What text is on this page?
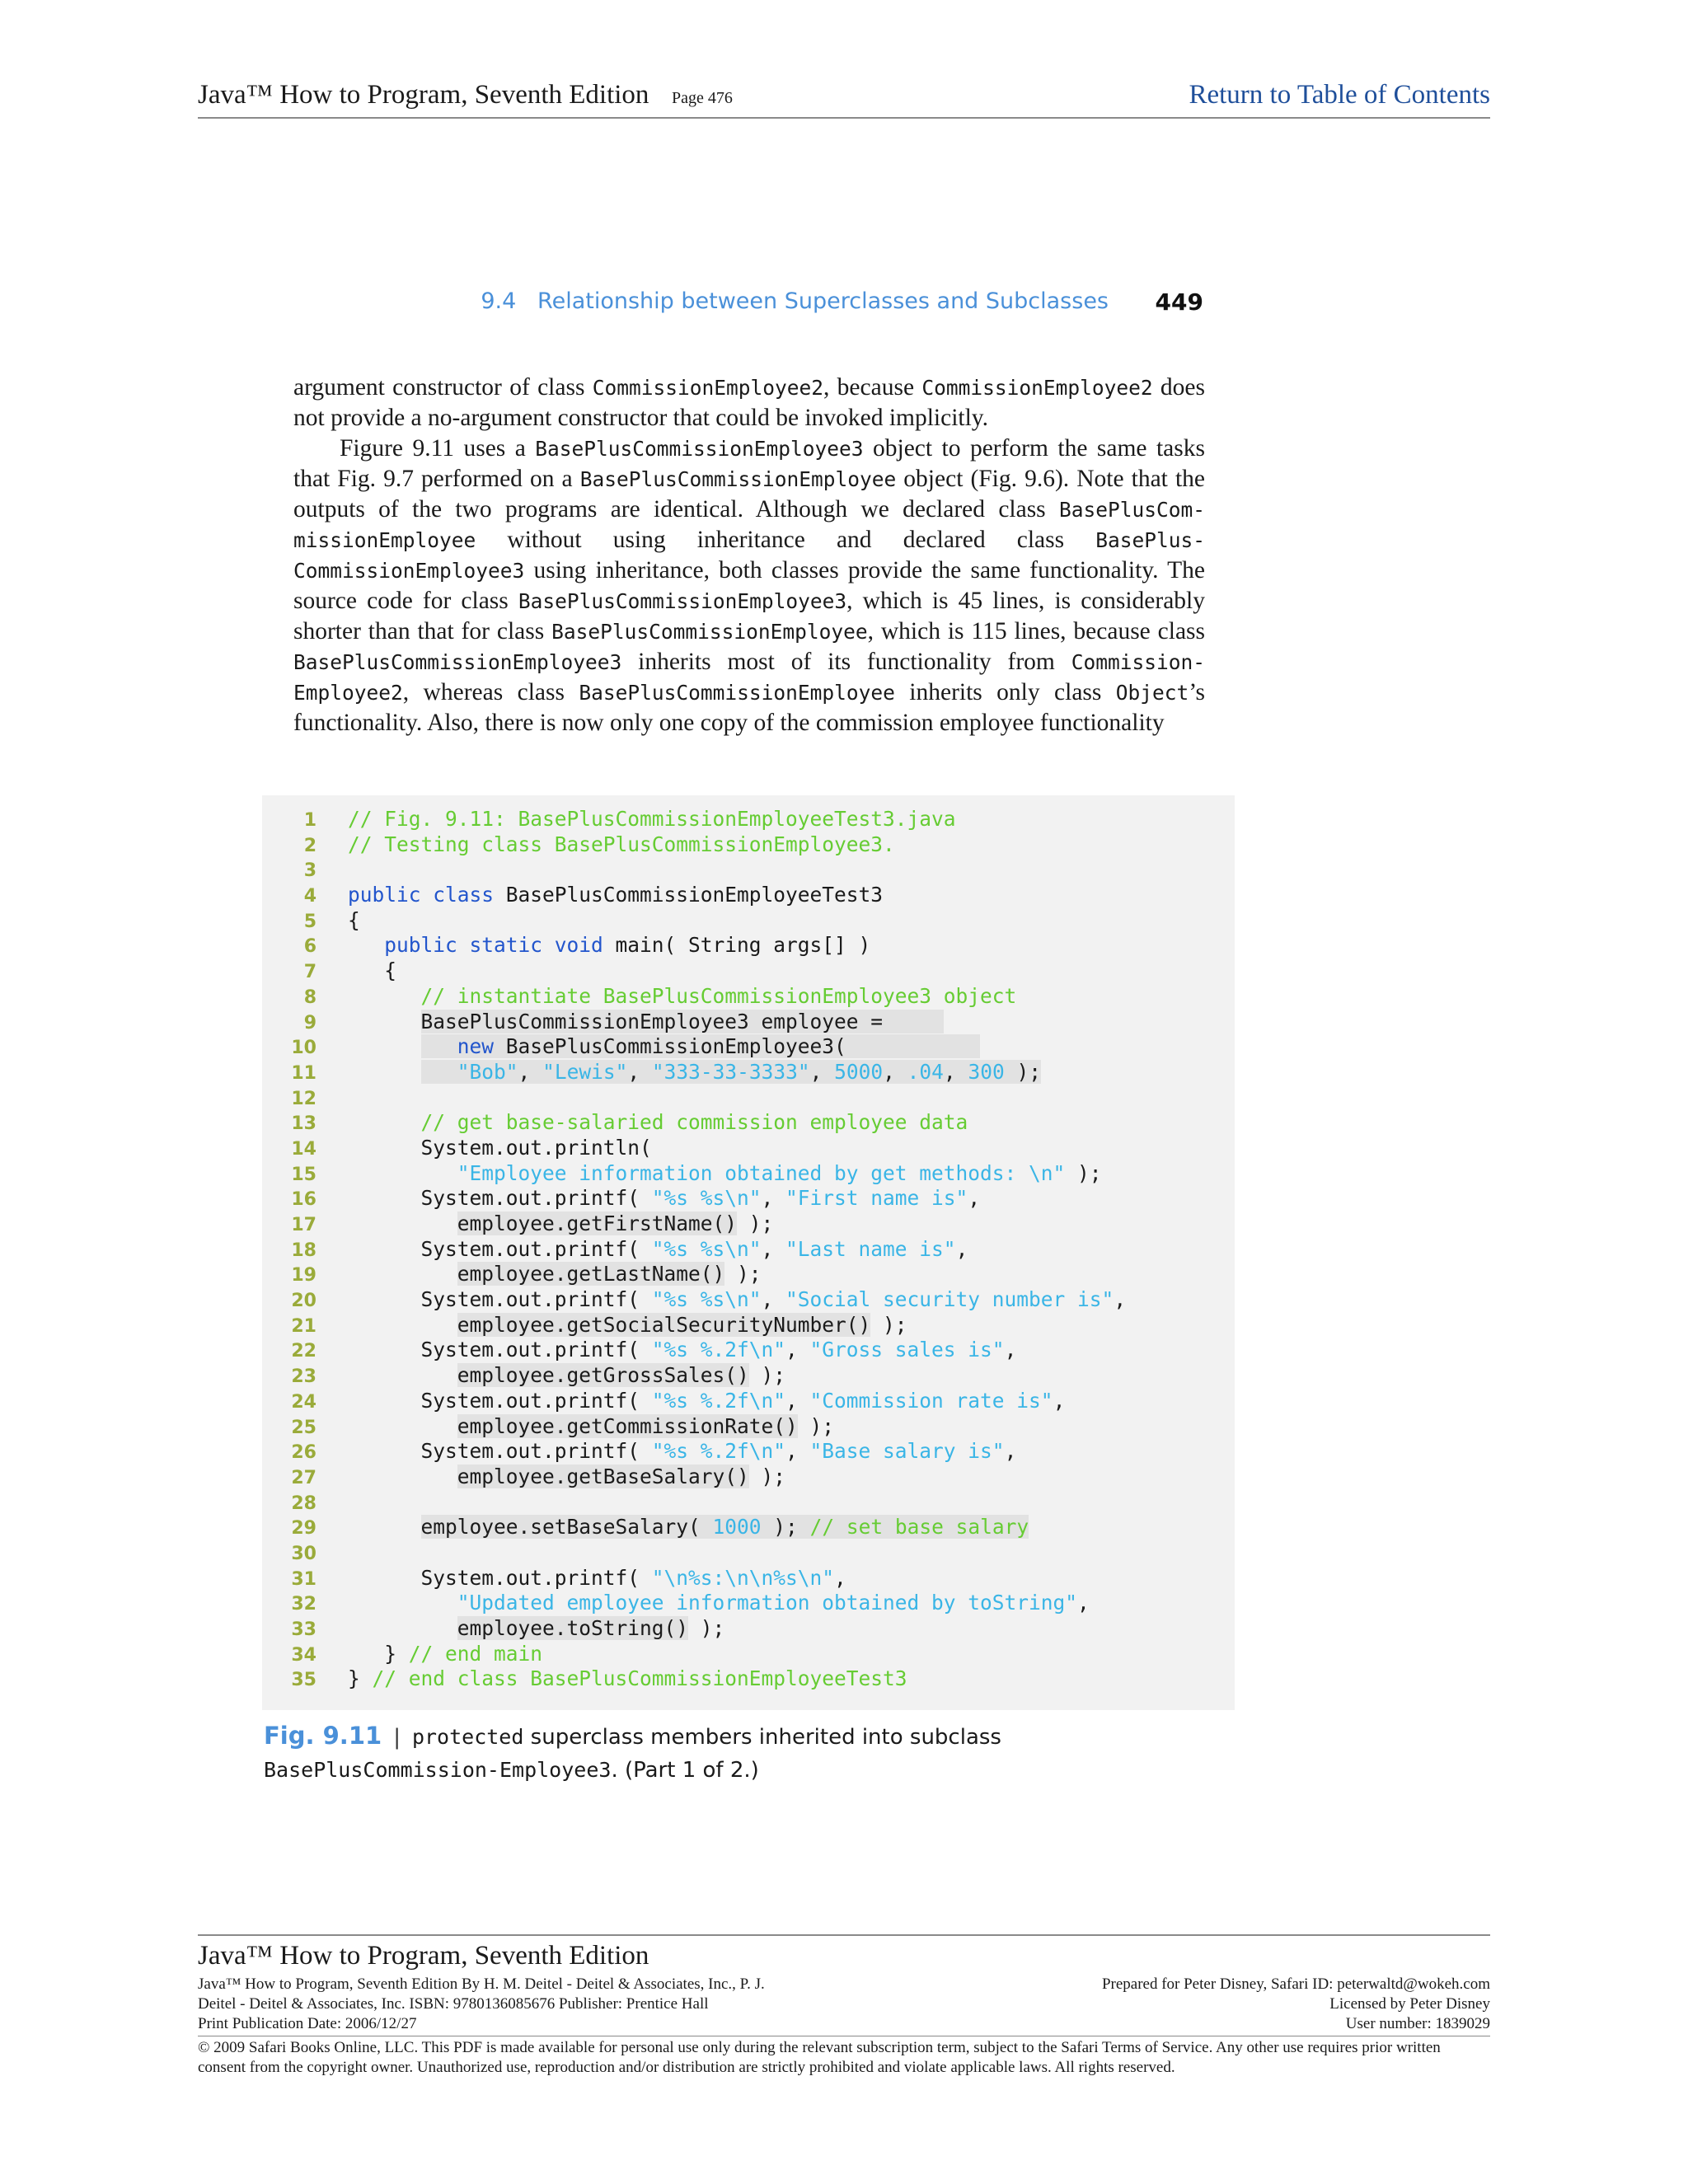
Java™ How to Program, Seventh Edition Page 476	Return to Table of Contents
9.4   Relationship between Superclasses and Subclasses 449

argument constructor of class CommissionEmployee2, because CommissionEmployee2 does not provide a no-argument constructor that could be invoked implicitly.

Figure 9.11 uses a BasePlusCommissionEmployee3 object to perform the same tasks that Fig. 9.7 performed on a BasePlusCommissionEmployee object (Fig. 9.6). Note that the outputs of the two programs are identical. Although we declared class BasePlusCom-missionEmployee without using inheritance and declared class BasePlus-CommissionEmployee3 using inheritance, both classes provide the same functionality. The source code for class BasePlusCommissionEmployee3, which is 45 lines, is considerably shorter than that for class BasePlusCommissionEmployee, which is 115 lines, because class BasePlusCommissionEmployee3 inherits most of its functionality from Commission-Employee2, whereas class BasePlusCommissionEmployee inherits only class Object’s functionality. Also, there is now only one copy of the commission employee functionality

1 // Fig. 9.11: BasePlusCommissionEmployeeTest3.java
2 // Testing class BasePlusCommissionEmployee3.
3
4 public class BasePlusCommissionEmployeeTest3
5 {
6	public static void main( String args[] )
7   {
8	// instantiate BasePlusCommissionEmployee3 object
9	BasePlusCommissionEmployee3 employee =
10	new BasePlusCommissionEmployee3(
11	"Bob", "Lewis", "333-33-3333", 5000, .04, 300 );
12
13	// get base-salaried commission employee data
14      System.out.println(
15	"Employee information obtained by get methods: \n" );
16      System.out.printf( "%s %s\n", "First name is",
17	employee.getFirstName() );
18      System.out.printf( "%s %s\n", "Last name is",
19	employee.getLastName() );
20      System.out.printf( "%s %s\n", "Social security number is",
21	employee.getSocialSecurityNumber() );
22      System.out.printf( "%s %.2f\n", "Gross sales is",
23	employee.getGrossSales() );
24      System.out.printf( "%s %.2f\n", "Commission rate is",
25	employee.getCommissionRate() );
26      System.out.printf( "%s %.2f\n", "Base salary is",
27	employee.getBaseSalary() );
28
29	employee.setBaseSalary( 1000 ); // set base salary
30
31      System.out.printf( "\n%s:\n\n%s\n",
32	"Updated employee information obtained by toString",
33	employee.toString() );
34   } // end main
35 } // end class BasePlusCommissionEmployeeTest3
Fig. 9.11 | protected superclass members inherited into subclass BasePlusCommission-Employee3. (Part 1 of 2.)
Java™ How to Program, Seventh Edition
Java™ How to Program, Seventh Edition By H. M. Deitel - Deitel & Associates, Inc., P. J.	Prepared for Peter Disney, Safari ID: peterwaltd@wokeh.com
Deitel - Deitel & Associates, Inc. ISBN: 9780136085676 Publisher: Prentice Hall	Licensed by Peter Disney
Print Publication Date: 2006/12/27	User number: 1839029
© 2009 Safari Books Online, LLC. This PDF is made available for personal use only during the relevant subscription term, subject to the Safari Terms of Service. Any other use requires prior written consent from the copyright owner. Unauthorized use, reproduction and/or distribution are strictly prohibited and violate applicable laws. All rights reserved.
